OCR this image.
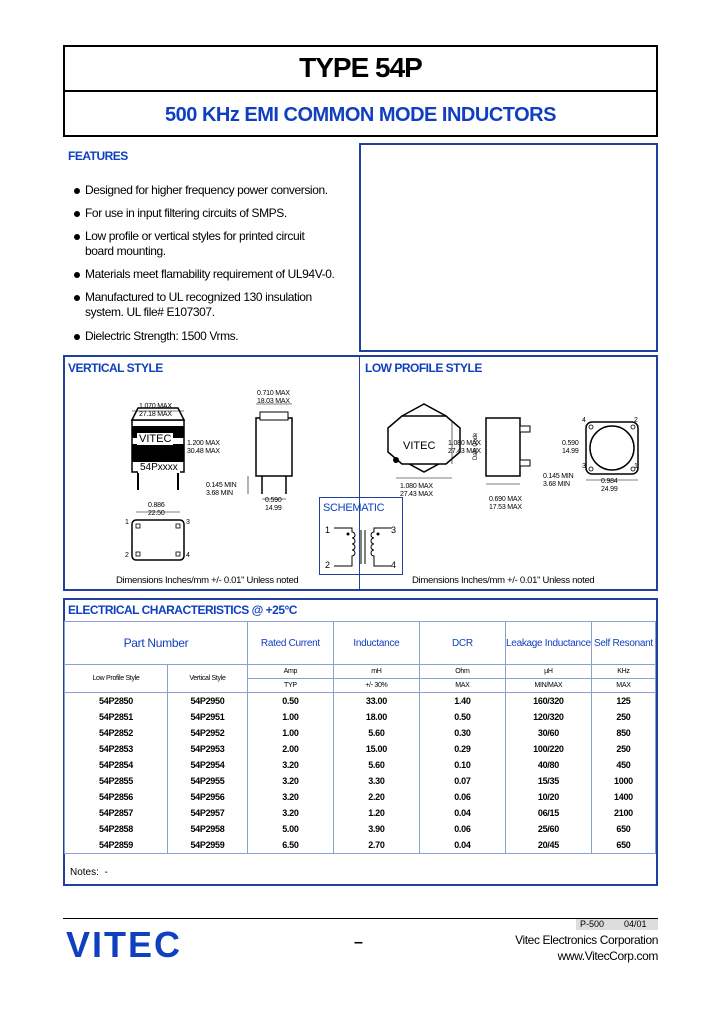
TYPE 54P
500 KHz EMI COMMON MODE INDUCTORS
FEATURES
Designed for higher frequency power conversion.
For use in input filtering circuits of SMPS.
Low profile or vertical styles for printed circuit board mounting.
Materials meet flamability requirement of UL94V-0.
Manufactured to UL recognized 130 insulation system. UL file# E107307.
Dielectric Strength: 1500 Vrms.
VERTICAL STYLE	LOW PROFILE STYLE
VITEC
54Pxxxx
1.070 MAX
27.18 MAX
1.200 MAX
30.48 MAX
0.710 MAX
18.03 MAX
0.145 MIN
3.68 MIN
0.590
14.99
0.886
22.50
1
2
3
4
Dimensions Inches/mm +/- 0.01" Unless noted
VITEC 1.080 MAX
27.43 MAX
1.080 MAX
27.43 MAX
Date Code	0.590
14.99
0.145 MIN
3.68 MIN
0.690 MAX
17.53 MAX
0.984
24.99
4	2
3	1
Dimensions Inches/mm +/- 0.01" Unless noted
SCHEMATIC
1
2
3
4
ELECTRICAL CHARACTERISTICS @ +25°C
Part Number		Rated Current	Inductance	DCR	Leakage Inductance	Self Resonant
Low Profile Style	Vertical Style	Amp	mH	Ohm	µH	KHz
		TYP	+/- 30%	MAX	MIN/MAX	MAX
54P2850	54P2950	0.50	33.00	1.40	160/320	125
54P2851	54P2951	1.00	18.00	0.50	120/320	250
54P2852	54P2952	1.00	5.60	0.30	30/60	850
54P2853	54P2953	2.00	15.00	0.29	100/220	250
54P2854	54P2954	3.20	5.60	0.10	40/80	450
54P2855	54P2955	3.20	3.30	0.07	15/35	1000
54P2856	54P2956	3.20	2.20	0.06	10/20	1400
54P2857	54P2957	3.20	1.20	0.04	06/15	2100
54P2858	54P2958	5.00	3.90	0.06	25/60	650
54P2859	54P2959	6.50	2.70	0.04	20/45	650
Notes:  -
P-500 04/01
VITEC	–	Vitec Electronics Corporation
www.VitecCorp.com
